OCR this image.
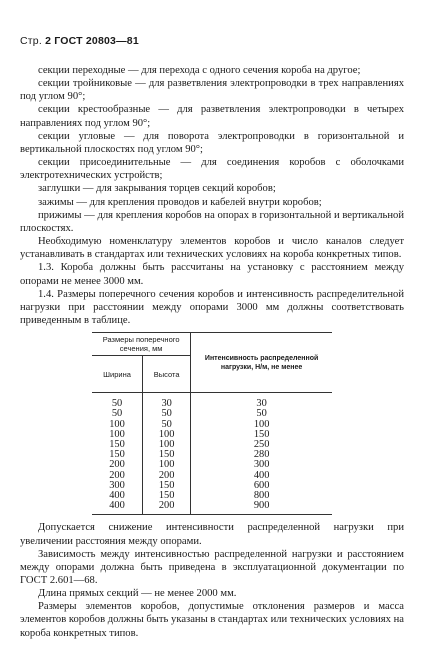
Стр. 2 ГОСТ 20803—81

секции переходные — для перехода с одного сечения короба на другое;

секции тройниковые — для разветвления электропроводки в трех направлениях под углом 90°;

секции крестообразные — для разветвления электропроводки в четырех направлениях под углом 90°;

секции угловые — для поворота электропроводки в горизонтальной и вертикальной плоскостях под углом 90°;

секции присоединительные — для соединения коробов с оболочками электротехнических устройств;

заглушки — для закрывания торцев секций коробов;

зажимы — для крепления проводов и кабелей внутри коробов;

прижимы — для крепления коробов на опорах в горизонтальной и вертикальной плоскостях.

Необходимую номенклатуру элементов коробов и число каналов следует устанавливать в стандартах или технических условиях на короба конкретных типов.

1.3. Короба должны быть рассчитаны на установку с расстоянием между опорами не менее 3000 мм.

1.4. Размеры поперечного сечения коробов и интенсивность распределительной нагрузки при расстоянии между опорами 3000 мм должны соответствовать приведенным в таблице.

Размеры поперечного сечения, мм		Интенсивность распределенной нагрузки, Н/м, не менее
Ширина	Высота	
50	30	30
50	50	50
100	50	100
100	100	150
150	100	250
150	150	280
200	100	300
200	200	400
300	150	600
400	150	800
400	200	900

Допускается снижение интенсивности распределенной нагрузки при увеличении расстояния между опорами.

Зависимость между интенсивностью распределенной нагрузки и расстоянием между опорами должна быть приведена в эксплуатационной документации по ГОСТ 2.601—68.

Длина прямых секций — не менее 2000 мм.

Размеры элементов коробов, допустимые отклонения размеров и масса элементов коробов должны быть указаны в стандартах или технических условиях на короба конкретных типов.
